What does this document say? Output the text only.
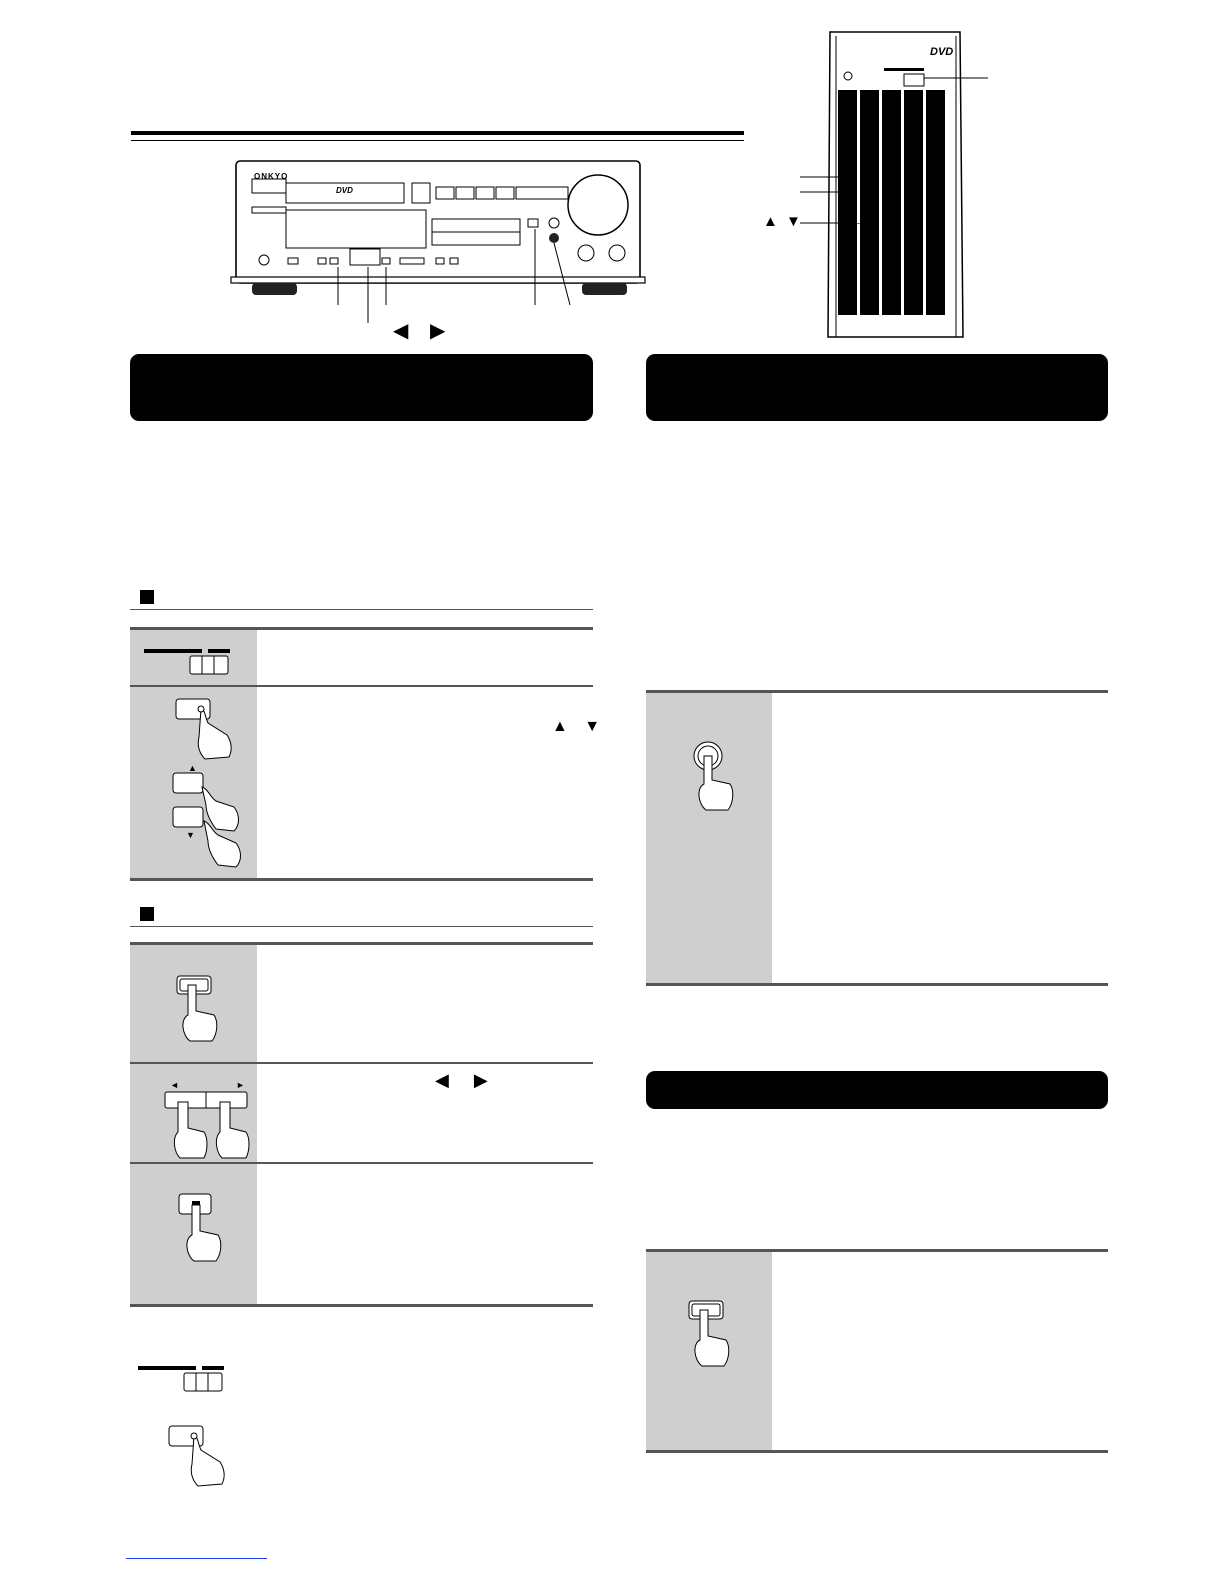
ONKYO
DVD
◀ ▶
DVD
▲ ▼
▲
▼
▲ ▼
◄	►	◀ ▶
